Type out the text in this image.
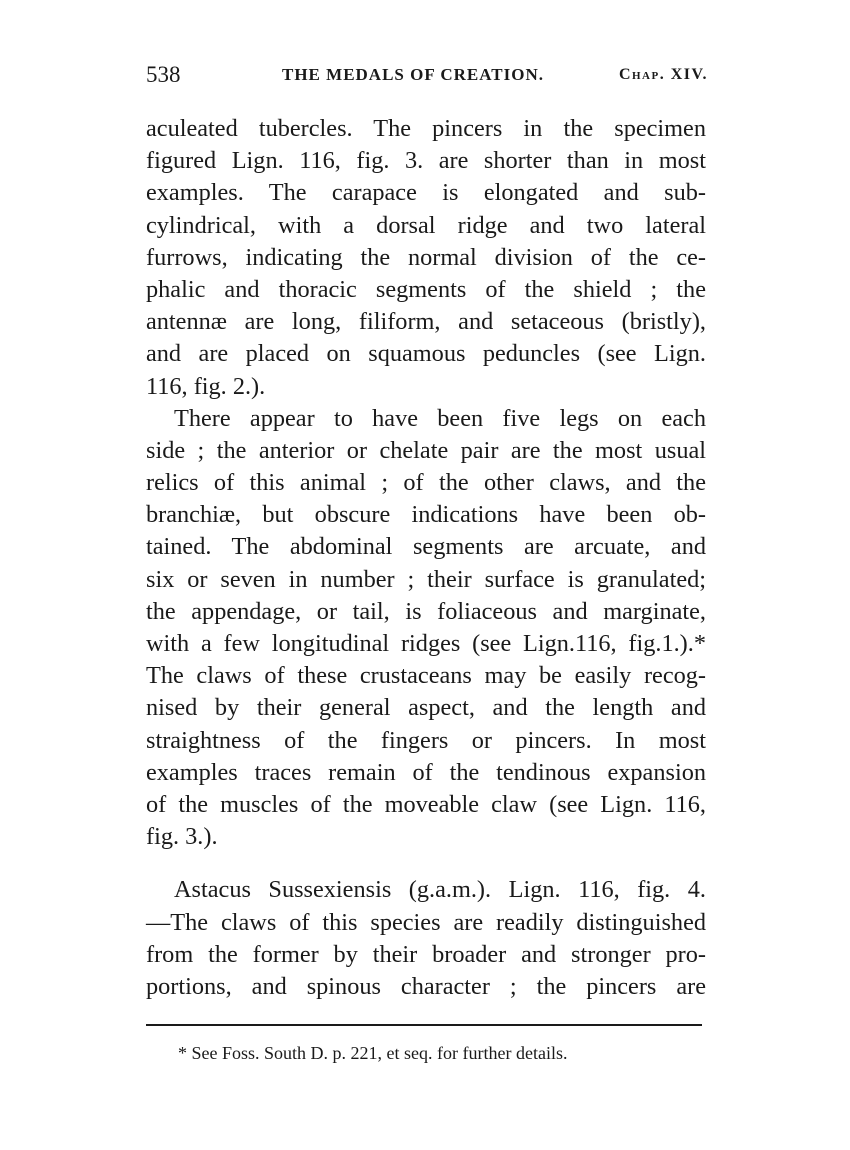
538	THE MEDALS OF CREATION.	Chap. XIV.
aculeated tubercles. The pincers in the specimen
figured Lign. 116, fig. 3. are shorter than in most
examples. The carapace is elongated and sub-
cylindrical, with a dorsal ridge and two lateral
furrows, indicating the normal division of the ce-
phalic and thoracic segments of the shield ; the
antennæ are long, filiform, and setaceous (bristly),
and are placed on squamous peduncles (see Lign.
116, fig. 2.).
There appear to have been five legs on each
side ; the anterior or chelate pair are the most usual
relics of this animal ; of the other claws, and the
branchiæ, but obscure indications have been ob-
tained. The abdominal segments are arcuate, and
six or seven in number ; their surface is granulated;
the appendage, or tail, is foliaceous and marginate,
with a few longitudinal ridges (see Lign.116, fig.1.).*
The claws of these crustaceans may be easily recog-
nised by their general aspect, and the length and
straightness of the fingers or pincers. In most
examples traces remain of the tendinous expansion
of the muscles of the moveable claw (see Lign. 116,
fig. 3.).
Astacus Sussexiensis (g.a.m.). Lign. 116, fig. 4.
—The claws of this species are readily distinguished
from the former by their broader and stronger pro-
portions, and spinous character ; the pincers are
* See Foss. South D. p. 221, et seq. for further details.
